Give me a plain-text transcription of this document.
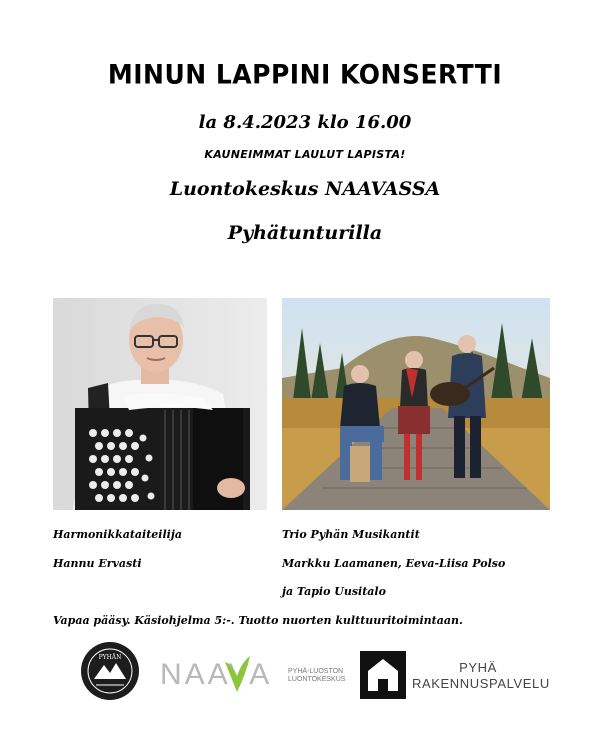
MINUN LAPPINI KONSERTTI
la 8.4.2023 klo 16.00
KAUNEIMMAT LAULUT LAPISTA!
Luontokeskus NAAVASSA
Pyhätunturilla
Harmonikkataiteilija
Hannu Ervasti
Trio Pyhän Musikantit
Markku Laamanen, Eeva-Liisa Polso
ja Tapio Uusitalo
Vapaa pääsy. Käsiohjelma 5:-. Tuotto nuorten kulttuuritoimintaan.
PYHÄN
NAAVA PYHÄ-LUOSTON
LUONTOKESKUS
PYHÄ
RAKENNUSPALVELU
